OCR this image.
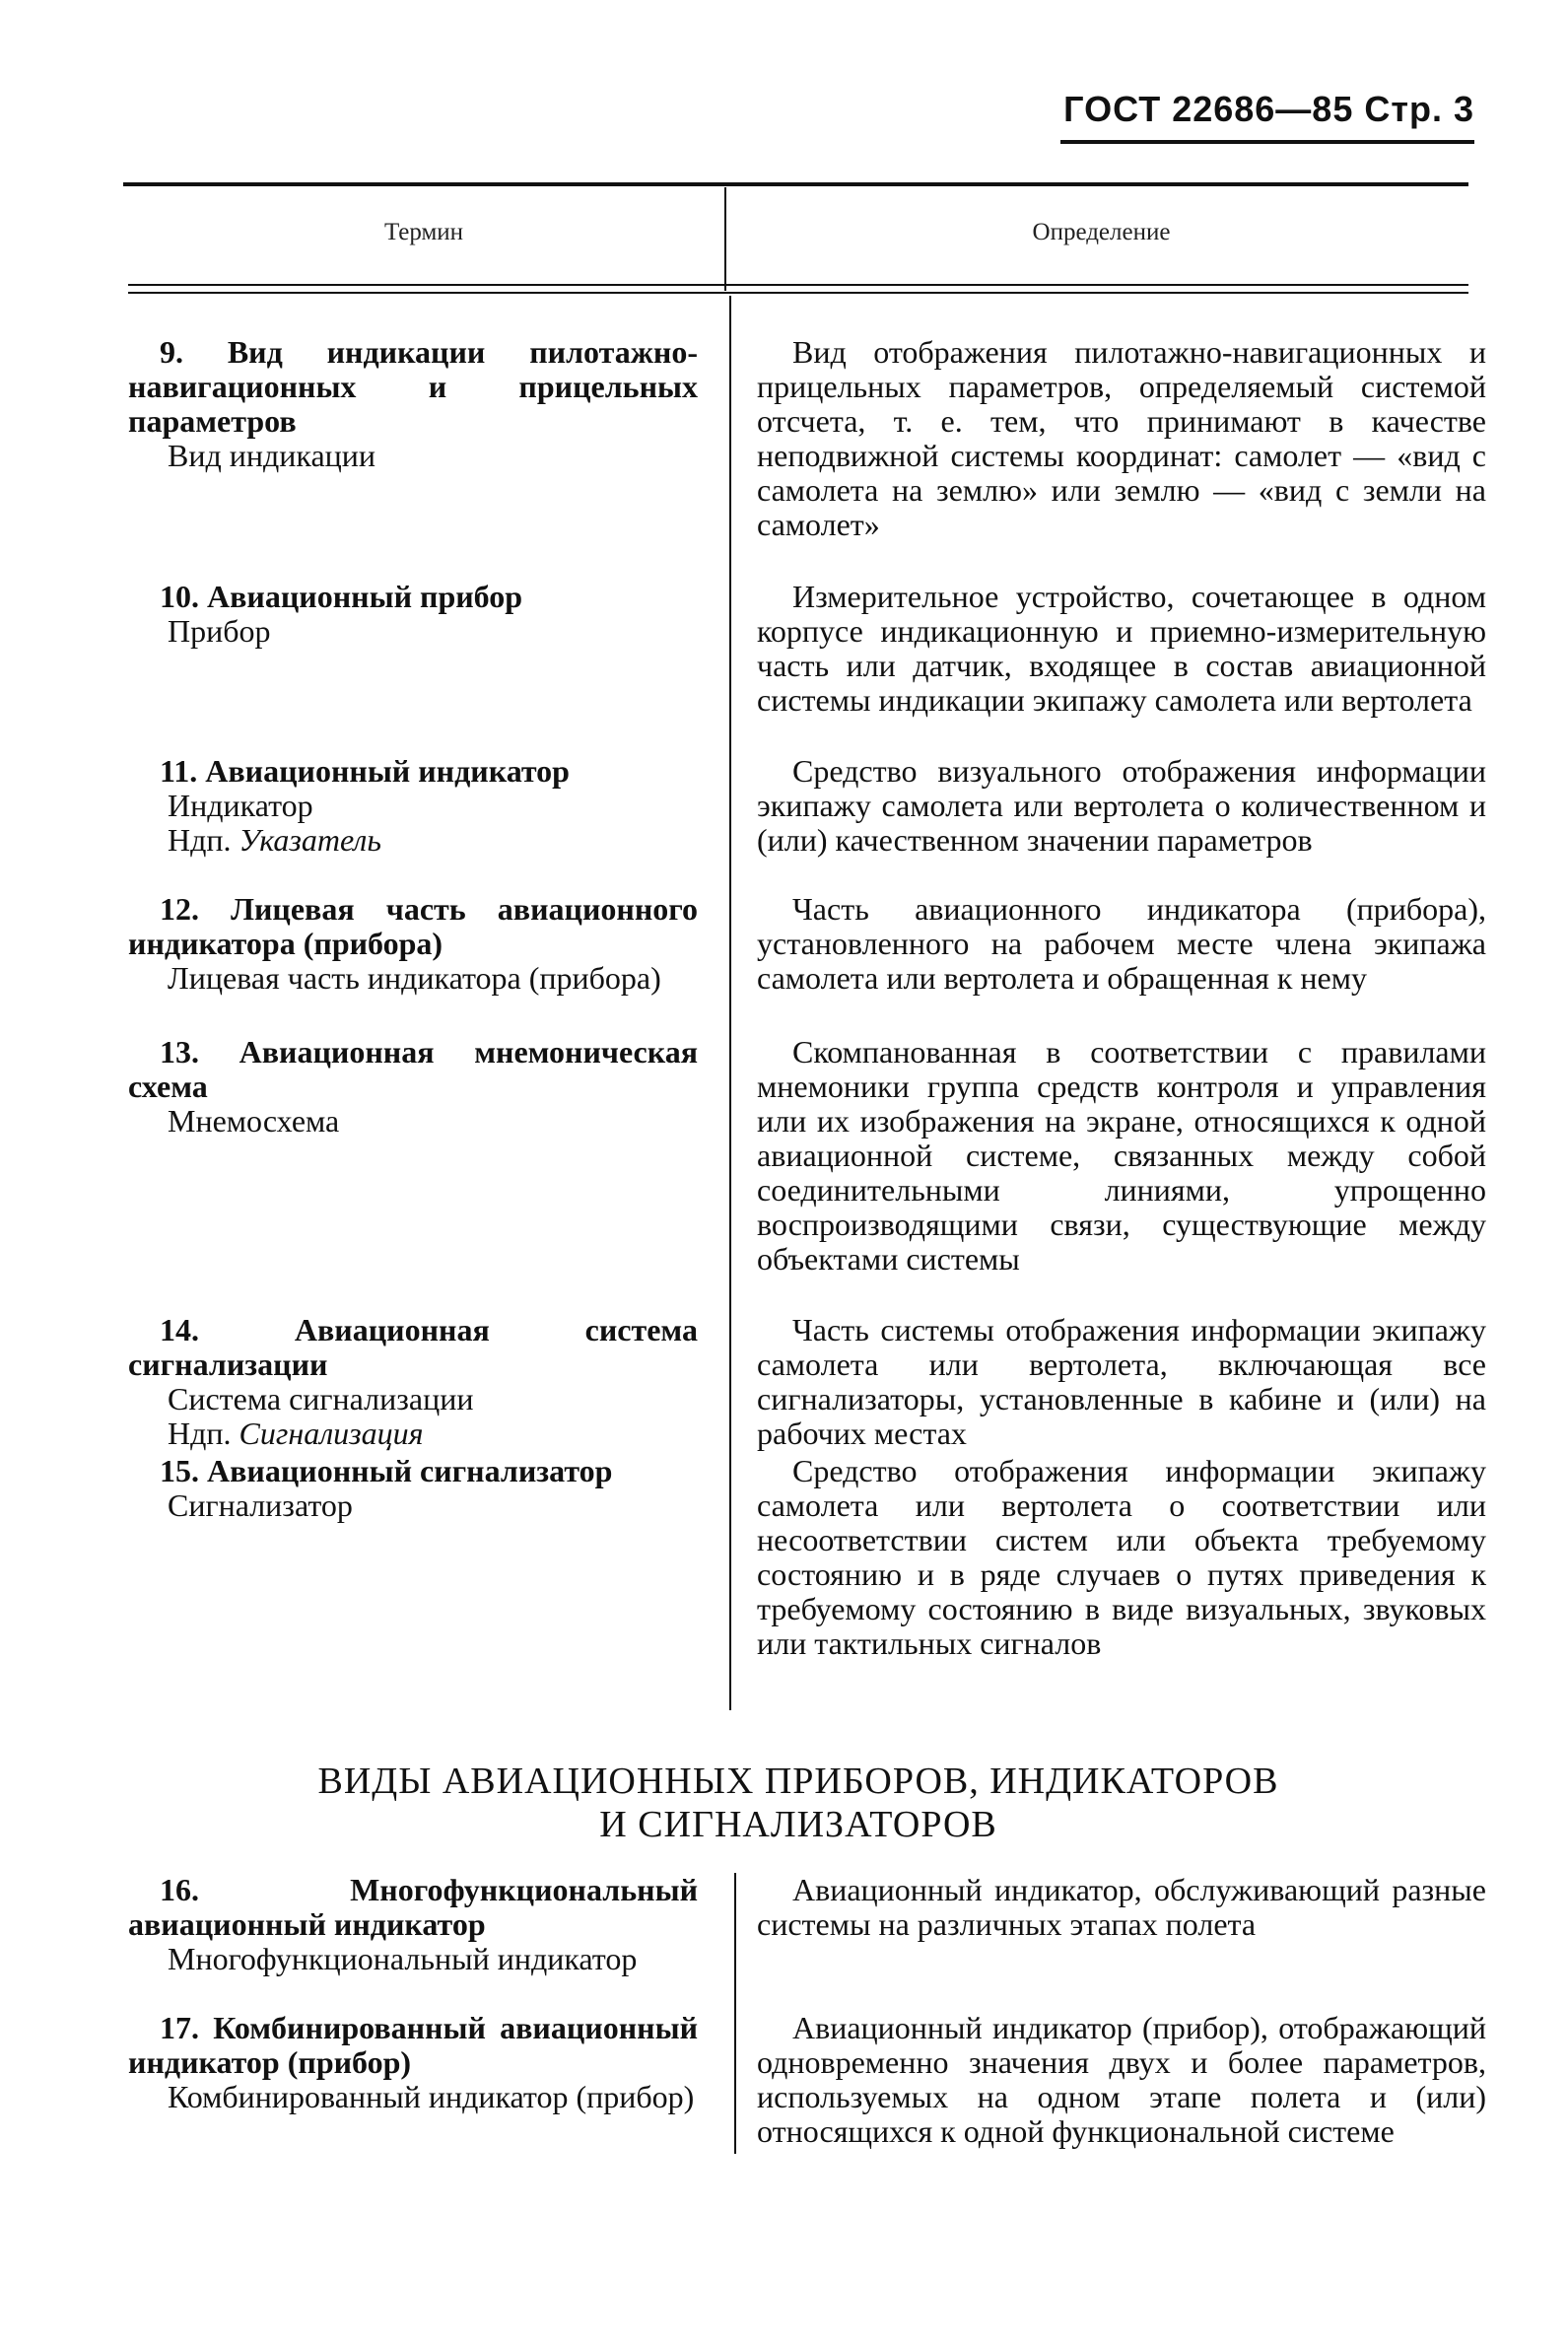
ГОСТ 22686—85 Стр. 3
Термин	Определение
9. Вид индикации пилотажно-навигационных и прицельных параметров
Вид индикации

Вид отображения пилотажно-навигационных и прицельных параметров, определяемый системой отсчета, т. е. тем, что принимают в качестве неподвижной системы координат: самолет — «вид с самолета на землю» или землю — «вид с земли на самолет»

10. Авиационный прибор
Прибор

Измерительное устройство, сочетающее в одном корпусе индикационную и приемно-измерительную часть или датчик, входящее в состав авиационной системы индикации экипажу самолета или вертолета

11. Авиационный индикатор
Индикатор
Ндп. Указатель

Средство визуального отображения информации экипажу самолета или вертолета о количественном и (или) качественном значении параметров

12. Лицевая часть авиационного индикатора (прибора)
Лицевая часть индикатора (прибора)

Часть авиационного индикатора (прибора), установленного на рабочем месте члена экипажа самолета или вертолета и обращенная к нему

13. Авиационная мнемоническая схема
Мнемосхема

Скомпанованная в соответствии с правилами мнемоники группа средств контроля и управления или их изображения на экране, относящихся к одной авиационной системе, связанных между собой соединительными линиями, упрощенно воспроизводящими связи, существующие между объектами системы

14. Авиационная система сигнализации
Система сигнализации
Ндп. Сигнализация

Часть системы отображения информации экипажу самолета или вертолета, включающая все сигнализаторы, установленные в кабине и (или) на рабочих местах

15. Авиационный сигнализатор
Сигнализатор

Средство отображения информации экипажу самолета или вертолета о соответствии или несоответствии систем или объекта требуемому состоянию и в ряде случаев о путях приведения к требуемому состоянию в виде визуальных, звуковых или тактильных сигналов

ВИДЫ АВИАЦИОННЫХ ПРИБОРОВ, ИНДИКАТОРОВ
И СИГНАЛИЗАТОРОВ
16. Многофункциональный авиационный индикатор
Многофункциональный индикатор

Авиационный индикатор, обслуживающий разные системы на различных этапах полета

17. Комбинированный авиационный индикатор (прибор)
Комбинированный индикатор (прибор)

Авиационный индикатор (прибор), отображающий одновременно значения двух и более параметров, используемых на одном этапе полета и (или) относящихся к одной функциональной системе
